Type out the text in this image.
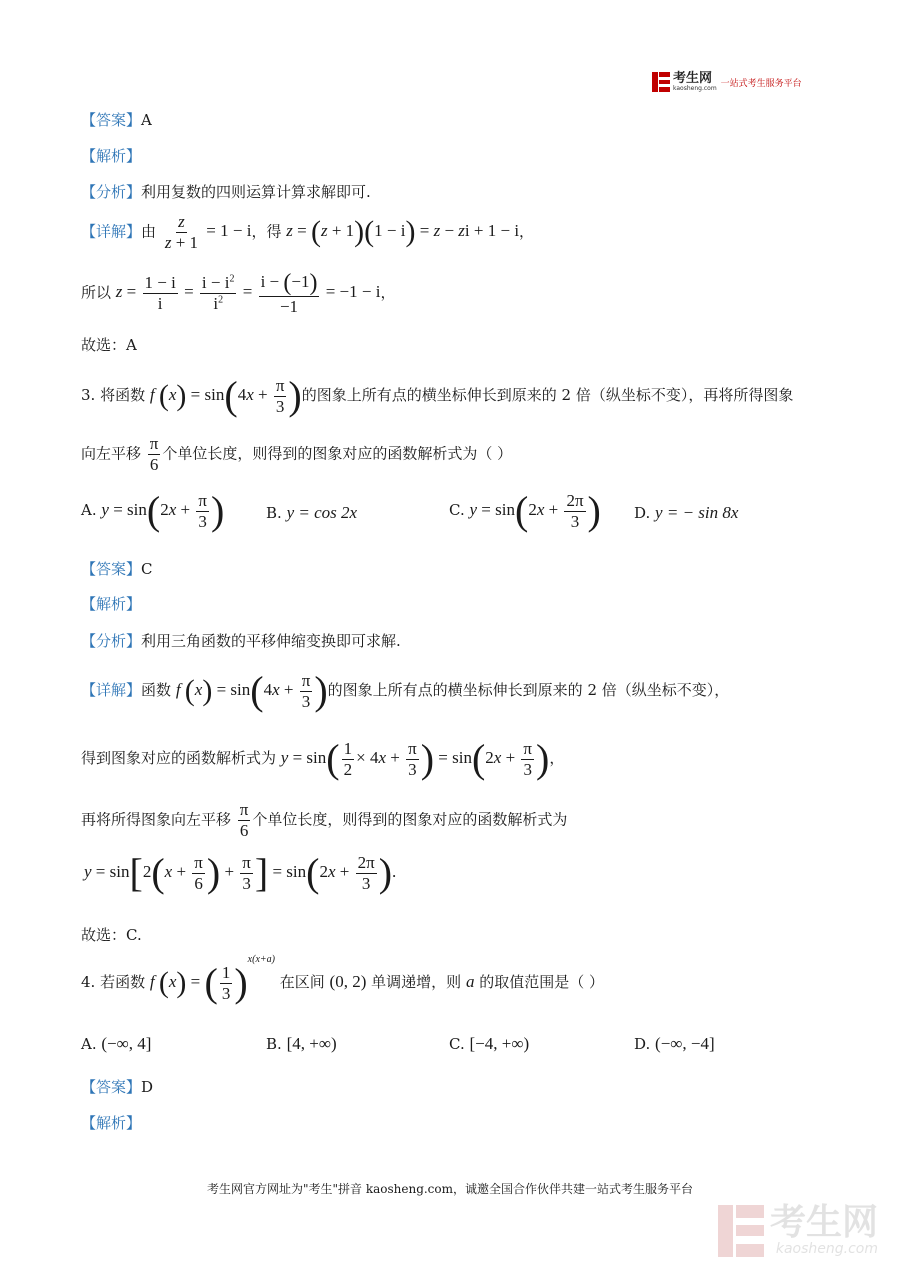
考生网
kaosheng.com 一站式考生服务平台
【答案】A
【解析】
【分析】利用复数的四则运算计算求解即可.
【详解】由 $\frac{z}{z + 1} = 1 - i$，得 z = (z + 1)(1 − i) = z − zi + 1 − i，
所以 $z = \frac{1 - i}{i} = \frac{i - i^2}{i^2} = \frac{i - (-1)}{-1} = -1 - i$，
故选：A
3. 将函数 f $(x) = \sin(4x + \frac{\pi}{3}$ )的图象上所有点的横坐标伸长到原来的 2 倍（纵坐标不变），再将所得图象
向左平移 $\frac{\pi}{6}$ 个单位长度，则得到的图象对应的函数解析式为（ ）
A. $y = \sin(2x + \frac{\pi}{3}$ )	B. y = cos 2x	C. $y = \sin(2x + \frac{2\pi}{3}$ ) D. y = − sin 8x
【答案】C
【解析】
【分析】利用三角函数的平移伸缩变换即可求解.
【详解】函数 f $(x) = \sin(4x + \frac{\pi}{3}$ )的图象上所有点的横坐标伸长到原来的 2 倍（纵坐标不变），
得到图象对应的函数解析式为 $y = \sin( \frac{1}{2} \times 4x + \frac{\pi}{3}$ ) = $\sin(2x + \frac{\pi}{3}$ )，
再将所得图象向左平移 $\frac{\pi}{6}$ 个单位长度，则得到的图象对应的函数解析式为
$y = \sin[2(x + \frac{\pi}{6}$ ) + $\frac{\pi}{3}$ ] = $\sin(2x + \frac{2\pi}{3}$ ).
故选：C.
4. 若函数 f (x) = ( $\frac{1}{3} )^{x(x+a)}$ 在区间 (0, 2) 单调递增，则 a 的取值范围是（ ）
A. (−∞, 4]	B. [4, +∞)	C. [−4, +∞)	D. (−∞, −4]
【答案】D
【解析】
考生网官方网址为"考生"拼音 kaosheng.com，诚邀全国合作伙伴共建一站式考生服务平台
考生网
kaosheng.com
